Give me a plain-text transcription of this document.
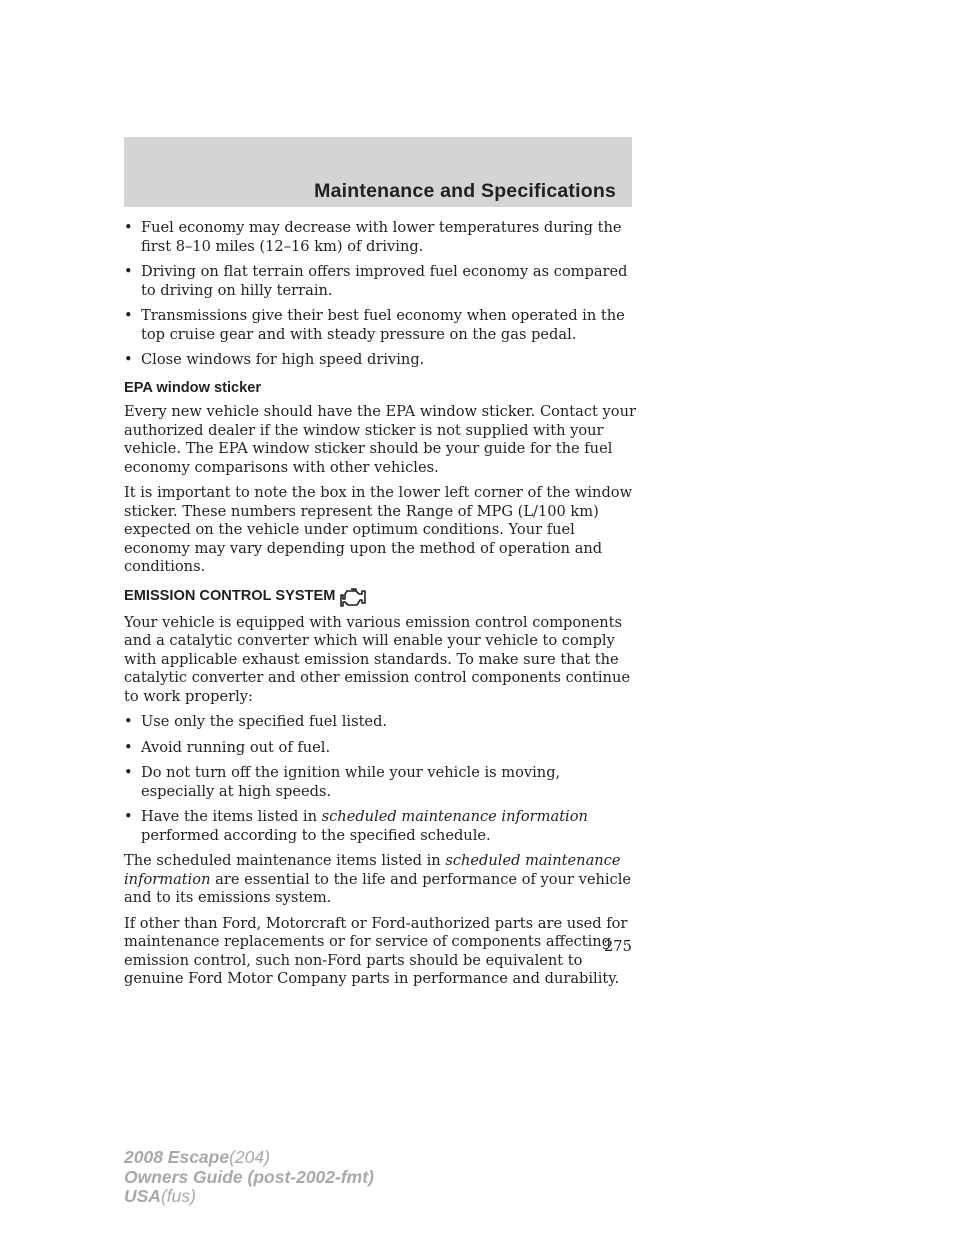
Maintenance and Specifications
• Fuel economy may decrease with lower temperatures during the first 8–10 miles (12–16 km) of driving.
• Driving on flat terrain offers improved fuel economy as compared to driving on hilly terrain.
• Transmissions give their best fuel economy when operated in the top cruise gear and with steady pressure on the gas pedal.
• Close windows for high speed driving.
EPA window sticker

Every new vehicle should have the EPA window sticker. Contact your authorized dealer if the window sticker is not supplied with your vehicle. The EPA window sticker should be your guide for the fuel economy comparisons with other vehicles.

It is important to note the box in the lower left corner of the window sticker. These numbers represent the Range of MPG (L/100 km) expected on the vehicle under optimum conditions. Your fuel economy may vary depending upon the method of operation and conditions.

EMISSION CONTROL SYSTEM

Your vehicle is equipped with various emission control components and a catalytic converter which will enable your vehicle to comply with applicable exhaust emission standards. To make sure that the catalytic converter and other emission control components continue to work properly:

• Use only the specified fuel listed.
• Avoid running out of fuel.
• Do not turn off the ignition while your vehicle is moving, especially at high speeds.
• Have the items listed in scheduled maintenance information performed according to the specified schedule.

The scheduled maintenance items listed in scheduled maintenance information are essential to the life and performance of your vehicle and to its emissions system.

If other than Ford, Motorcraft or Ford-authorized parts are used for maintenance replacements or for service of components affecting emission control, such non-Ford parts should be equivalent to genuine Ford Motor Company parts in performance and durability.

275
2008 Escape(204)
Owners Guide (post-2002-fmt)
USA(fus)
